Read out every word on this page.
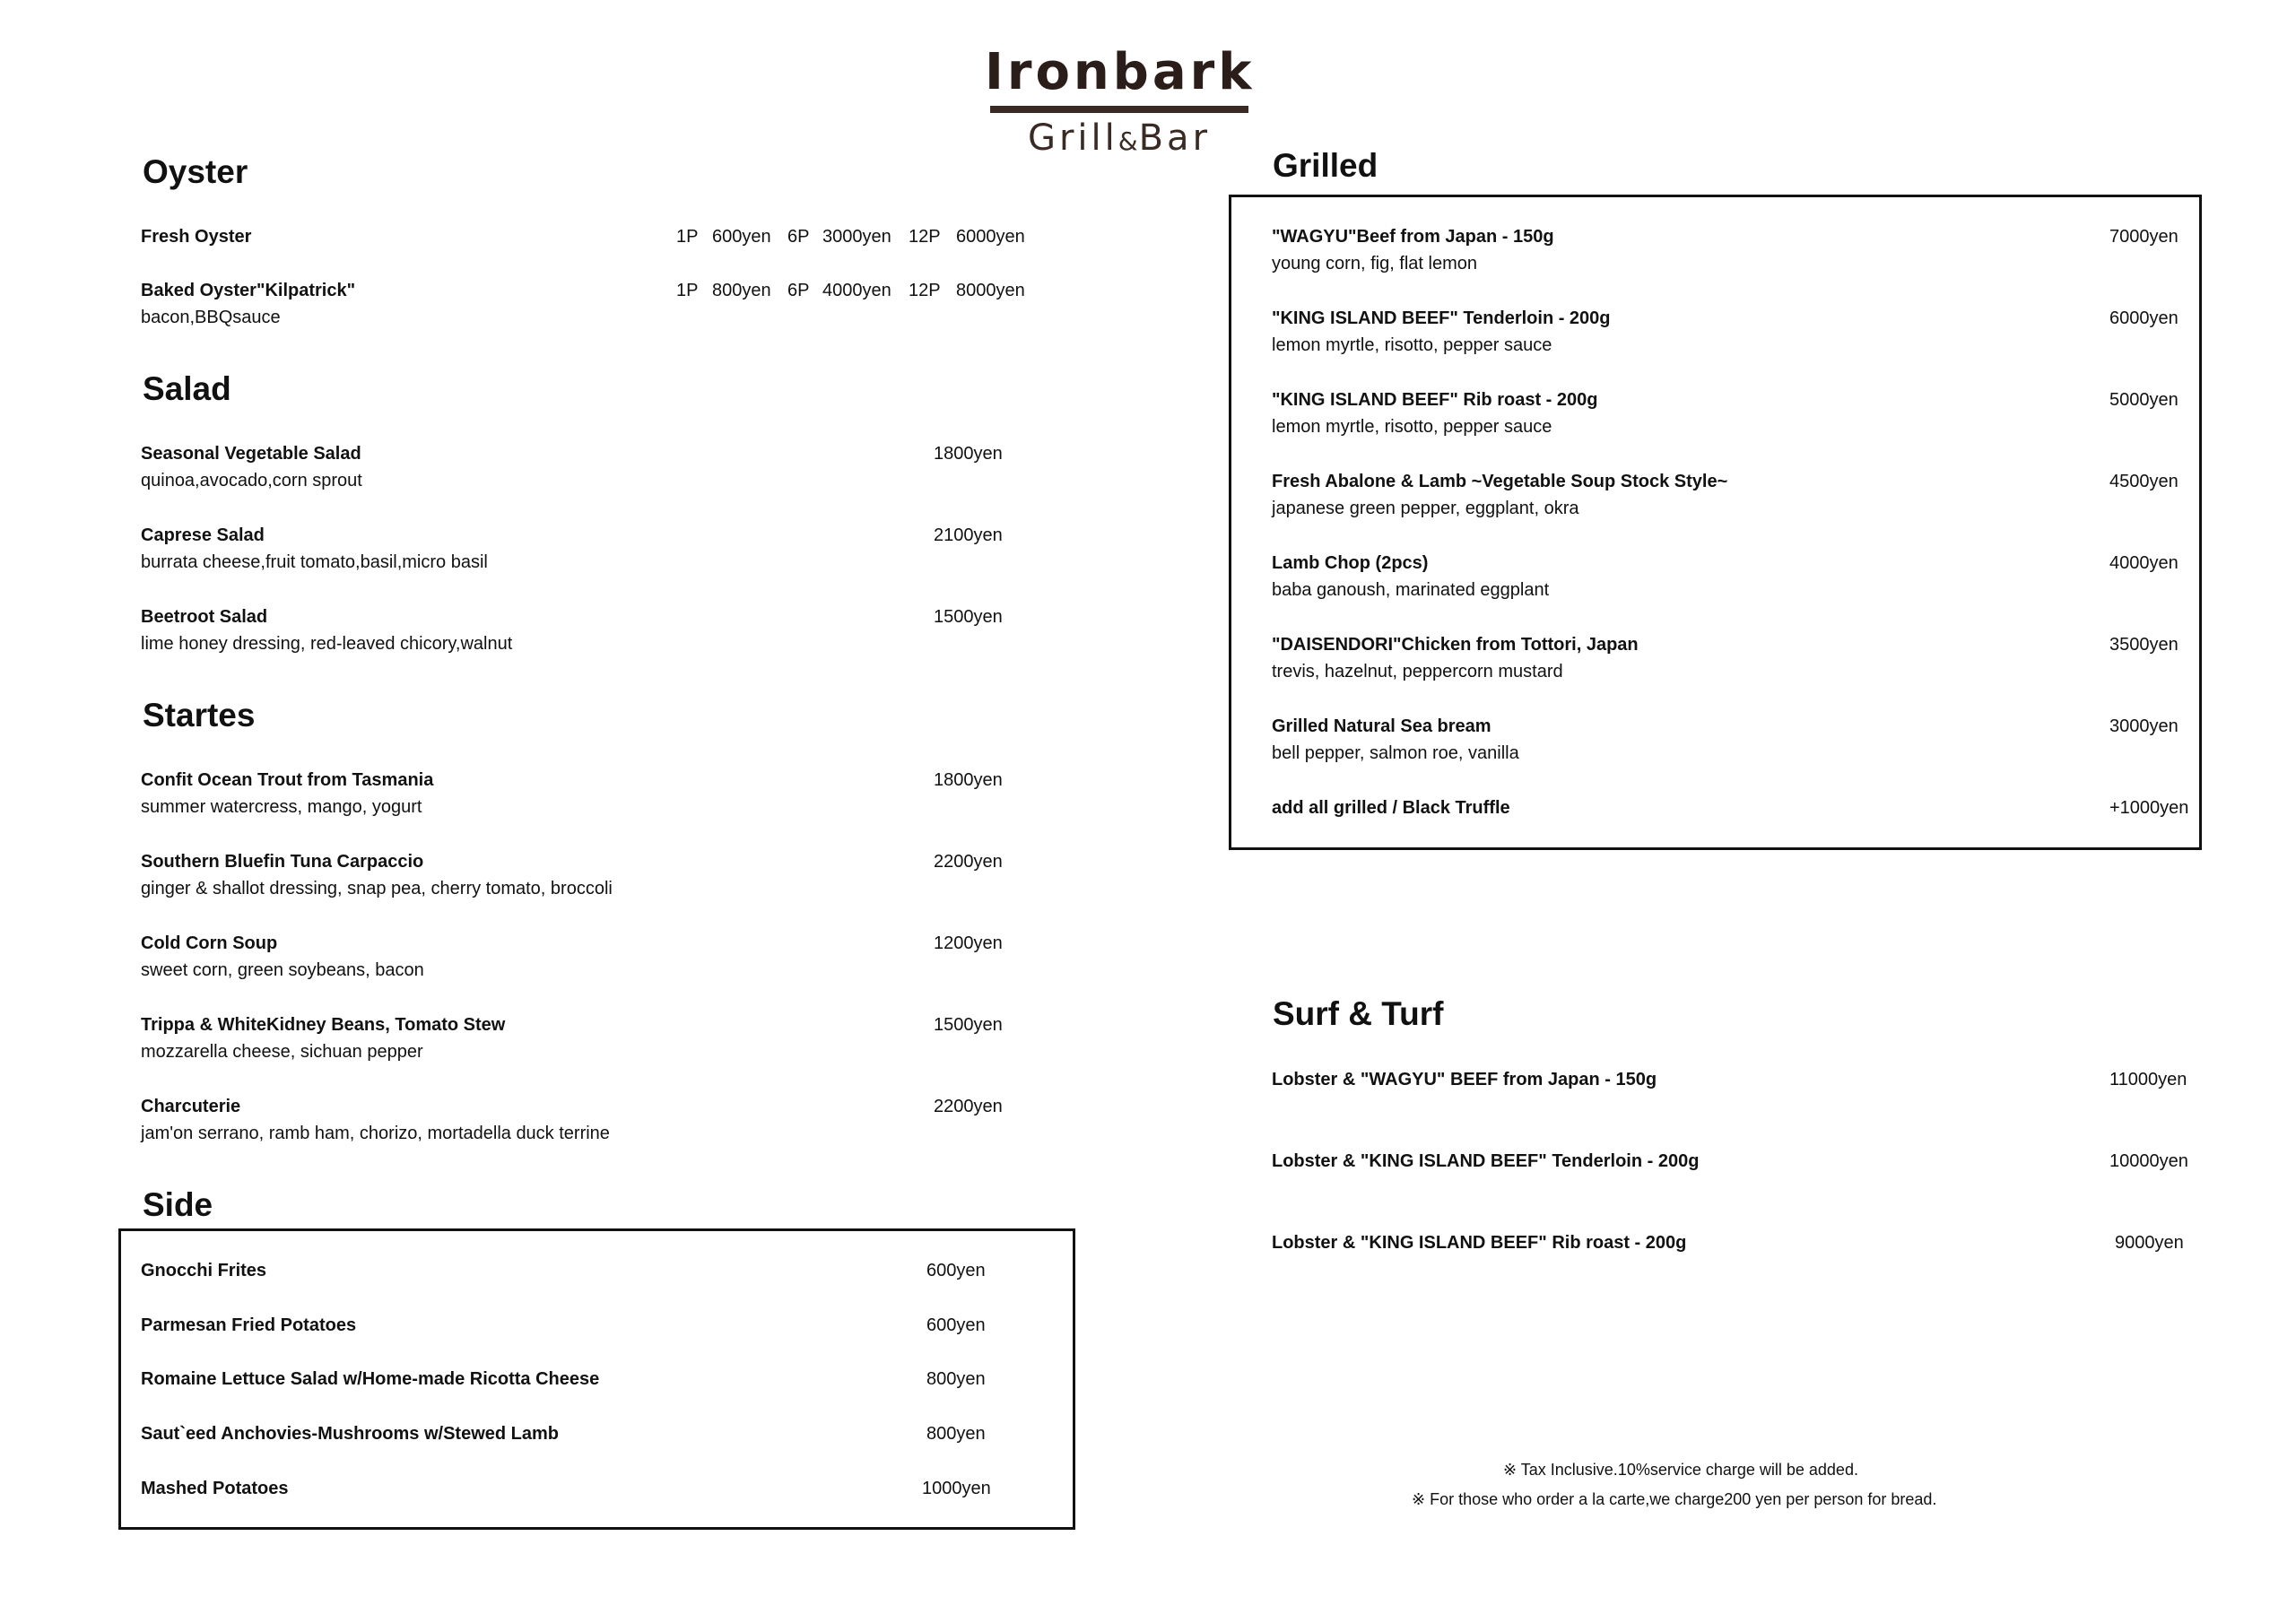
Ironbark
Grill&Bar
Oyster
Fresh Oyster	1P 600yen 6P 3000yen 12P 6000yen
Baked Oyster"Kilpatrick"
bacon,BBQsauce
1P 800yen 6P 4000yen 12P 8000yen
Salad
Seasonal Vegetable Salad
quinoa,avocado,corn sprout
1800yen
Caprese Salad
burrata cheese,fruit tomato,basil,micro basil
2100yen
Beetroot Salad
lime honey dressing, red-leaved chicory,walnut
1500yen
Startes
Confit Ocean Trout from Tasmania
summer watercress, mango, yogurt
1800yen
Southern Bluefin Tuna Carpaccio
ginger & shallot dressing, snap pea, cherry tomato, broccoli
2200yen
Cold Corn Soup
sweet corn, green soybeans, bacon
1200yen
Trippa & WhiteKidney Beans, Tomato Stew
mozzarella cheese, sichuan pepper
1500yen
Charcuterie
jam'on serrano, ramb ham, chorizo, mortadella duck terrine
2200yen
Side
Gnocchi Frites	600yen
Parmesan Fried Potatoes	600yen
Romaine Lettuce Salad w/Home-made Ricotta Cheese	800yen
Saut`eed Anchovies-Mushrooms w/Stewed Lamb	800yen
Mashed Potatoes	1000yen
Grilled
"WAGYU"Beef from Japan - 150g
young corn, fig, flat lemon
7000yen
"KING ISLAND BEEF" Tenderloin - 200g
lemon myrtle, risotto, pepper sauce
6000yen
"KING ISLAND BEEF" Rib roast - 200g
lemon myrtle, risotto, pepper sauce
5000yen
Fresh Abalone & Lamb ~Vegetable Soup Stock Style~
japanese green pepper, eggplant, okra
4500yen
Lamb Chop (2pcs)
baba ganoush, marinated eggplant
4000yen
"DAISENDORI"Chicken from Tottori, Japan
trevis, hazelnut, peppercorn mustard
3500yen
Grilled Natural Sea bream
bell pepper, salmon roe, vanilla
3000yen
add all grilled / Black Truffle	+1000yen
Surf & Turf
Lobster & "WAGYU" BEEF from Japan - 150g	11000yen
Lobster & "KING ISLAND BEEF" Tenderloin - 200g	10000yen
Lobster & "KING ISLAND BEEF" Rib roast - 200g	9000yen
※ Tax Inclusive.10%service charge will be added.
※ For those who order a la carte,we charge200 yen per person for bread.
